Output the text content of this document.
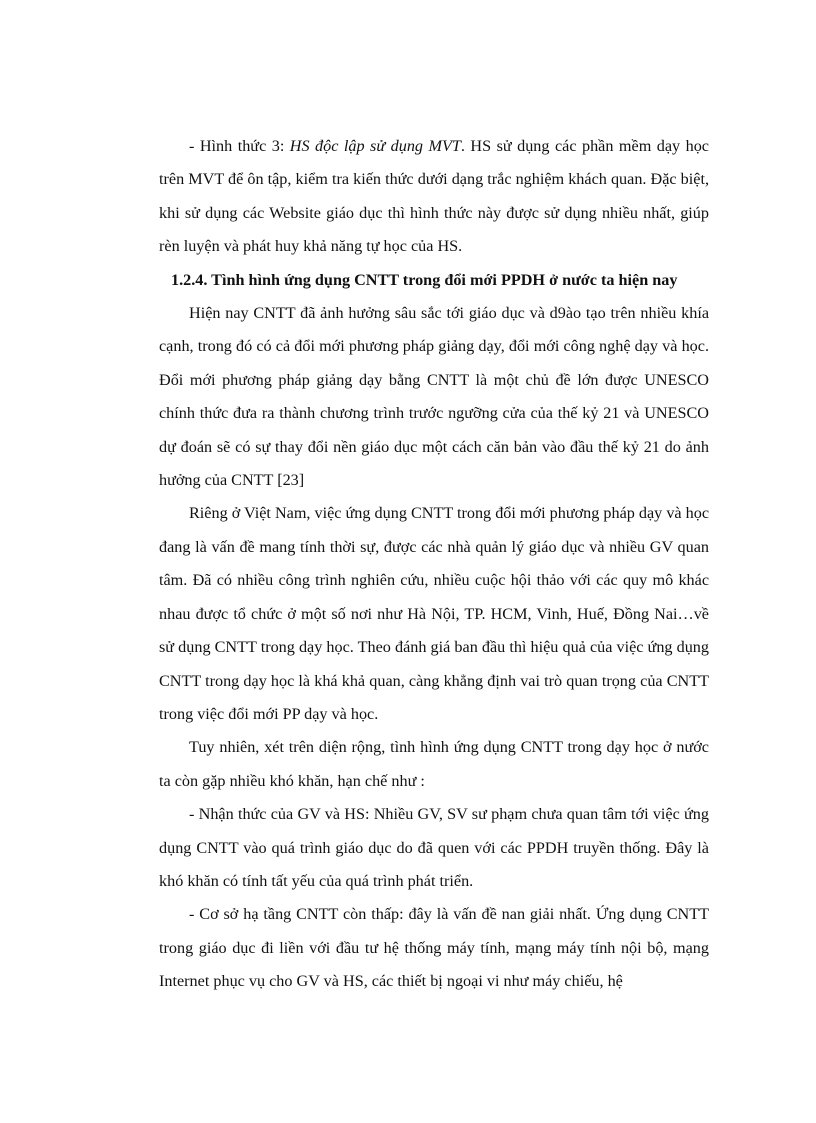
- Hình thức 3: HS độc lập sử dụng MVT. HS sử dụng các phần mềm dạy học trên MVT để ôn tập, kiểm tra kiến thức dưới dạng trắc nghiệm khách quan. Đặc biệt, khi sử dụng các Website giáo dục thì hình thức này được sử dụng nhiều nhất, giúp rèn luyện và phát huy khả năng tự học của HS.

1.2.4. Tình hình ứng dụng CNTT trong đổi mới PPDH ở nước ta hiện nay

Hiện nay CNTT đã ảnh hưởng sâu sắc tới giáo dục và d9ào tạo trên nhiều khía cạnh, trong đó có cả đổi mới phương pháp giảng dạy, đổi mới công nghệ dạy và học. Đổi mới phương pháp giảng dạy bằng CNTT là một chủ đề lớn được UNESCO chính thức đưa ra thành chương trình trước ngưỡng cửa của thế kỷ 21 và UNESCO dự đoán sẽ có sự thay đổi nền giáo dục một cách căn bản vào đầu thế kỷ 21 do ảnh hưởng của CNTT [23]

Riêng ở Việt Nam, việc ứng dụng CNTT trong đổi mới phương pháp dạy và học đang là vấn đề mang tính thời sự, được các nhà quản lý giáo dục và nhiều GV quan tâm. Đã có nhiều công trình nghiên cứu, nhiều cuộc hội thảo với các quy mô khác nhau được tổ chức ở một số nơi như Hà Nội, TP. HCM, Vinh, Huế, Đồng Nai…về sử dụng CNTT trong dạy học. Theo đánh giá ban đầu thì hiệu quả của việc ứng dụng CNTT trong dạy học là khá khả quan, càng khẳng định vai trò quan trọng của CNTT trong việc đổi mới PP dạy và học.

Tuy nhiên, xét trên diện rộng, tình hình ứng dụng CNTT trong dạy học ở nước ta còn gặp nhiều khó khăn, hạn chế như :

- Nhận thức của GV và HS: Nhiều GV, SV sư phạm chưa quan tâm tới việc ứng dụng CNTT vào quá trình giáo dục do đã quen với các PPDH truyền thống. Đây là khó khăn có tính tất yếu của quá trình phát triển.

- Cơ sở hạ tầng CNTT còn thấp: đây là vấn đề nan giải nhất. Ứng dụng CNTT trong giáo dục đi liền với đầu tư hệ thống máy tính, mạng máy tính nội bộ, mạng Internet phục vụ cho GV và HS, các thiết bị ngoại vi như máy chiếu, hệ
